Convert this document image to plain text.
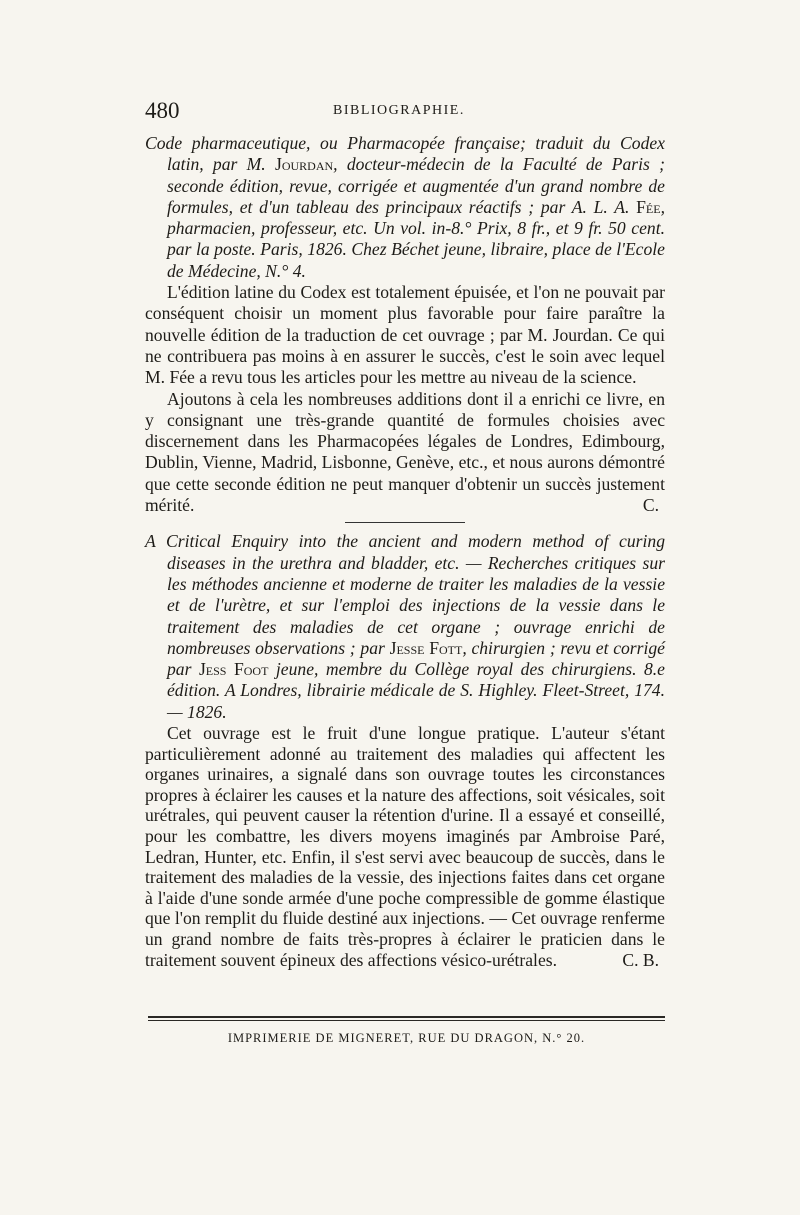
480	BIBLIOGRAPHIE.

Code pharmaceutique, ou Pharmacopée française; traduit du Codex latin, par M. Jourdan, docteur-médecin de la Faculté de Paris ; seconde édition, revue, corrigée et augmentée d'un grand nombre de formules, et d'un tableau des principaux réactifs ; par A. L. A. Fée, pharmacien, professeur, etc. Un vol. in-8.° Prix, 8 fr., et 9 fr. 50 cent. par la poste. Paris, 1826. Chez Béchet jeune, libraire, place de l'Ecole de Médecine, N.° 4.

L'édition latine du Codex est totalement épuisée, et l'on ne pouvait par conséquent choisir un moment plus favorable pour faire paraître la nouvelle édition de la traduction de cet ouvrage ; par M. Jourdan. Ce qui ne contribuera pas moins à en assurer le succès, c'est le soin avec lequel M. Fée a revu tous les articles pour les mettre au niveau de la science.

Ajoutons à cela les nombreuses additions dont il a enrichi ce livre, en y consignant une très-grande quantité de formules choisies avec discernement dans les Pharmacopées légales de Londres, Edimbourg, Dublin, Vienne, Madrid, Lisbonne, Genève, etc., et nous aurons démontré que cette seconde édition ne peut manquer d'obtenir un succès justement mérité.	C.

A Critical Enquiry into the ancient and modern method of curing diseases in the urethra and bladder, etc. — Recherches critiques sur les méthodes ancienne et moderne de traiter les maladies de la vessie et de l'urètre, et sur l'emploi des injections de la vessie dans le traitement des maladies de cet organe ; ouvrage enrichi de nombreuses observations ; par Jesse Fott, chirurgien ; revu et corrigé par Jess Foot jeune, membre du Collège royal des chirurgiens. 8.e édition. A Londres, librairie médicale de S. Highley. Fleet-Street, 174. — 1826.

Cet ouvrage est le fruit d'une longue pratique. L'auteur s'étant particulièrement adonné au traitement des maladies qui affectent les organes urinaires, a signalé dans son ouvrage toutes les circonstances propres à éclairer les causes et la nature des affections, soit vésicales, soit urétrales, qui peuvent causer la rétention d'urine. Il a essayé et conseillé, pour les combattre, les divers moyens imaginés par Ambroise Paré, Ledran, Hunter, etc. Enfin, il s'est servi avec beaucoup de succès, dans le traitement des maladies de la vessie, des injections faites dans cet organe à l'aide d'une sonde armée d'une poche compressible de gomme élastique que l'on remplit du fluide destiné aux injections. — Cet ouvrage renferme un grand nombre de faits très-propres à éclairer le praticien dans le traitement souvent épineux des affections vésico-urétrales.	C. B.

IMPRIMERIE DE MIGNERET, RUE DU DRAGON, N.° 20.
